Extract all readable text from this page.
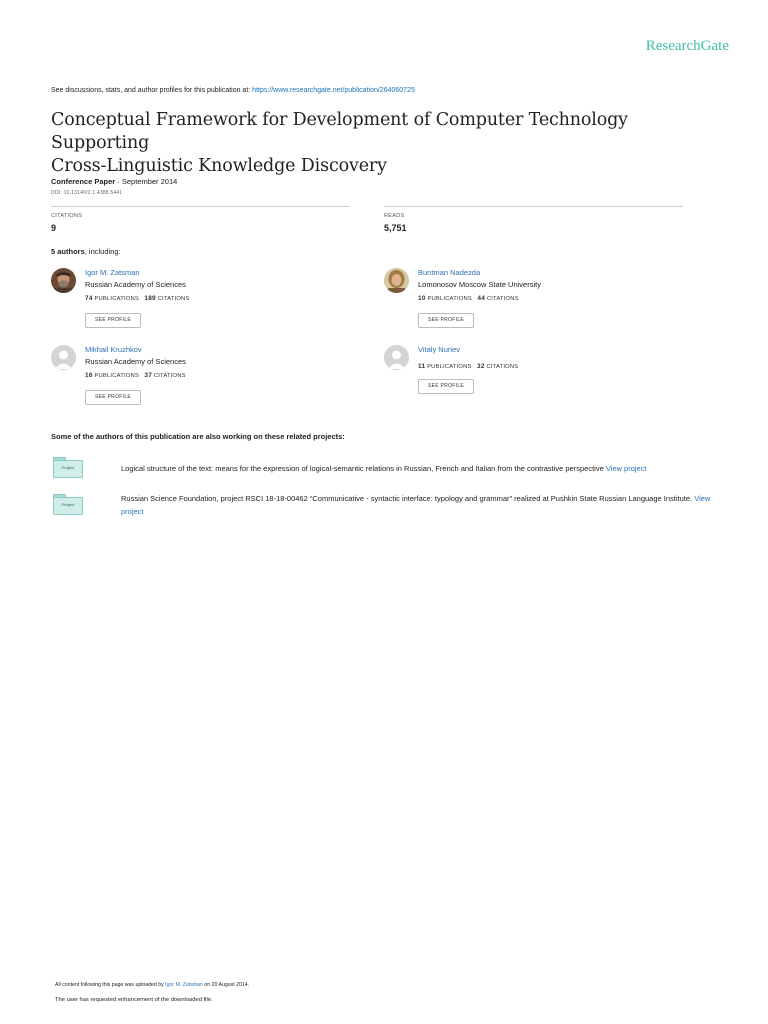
ResearchGate
See discussions, stats, and author profiles for this publication at: https://www.researchgate.net/publication/264060725
Conceptual Framework for Development of Computer Technology Supporting
Cross-Linguistic Knowledge Discovery
Conference Paper · September 2014
DOI: 10.13140/2.1.4388.5441
CITATIONS
9
READS
5,751
5 authors, including:
Igor M. Zatsman
Russian Academy of Sciences
74 PUBLICATIONS 189 CITATIONS
SEE PROFILE
Buntman Nadezda
Lomonosov Moscow State University
10 PUBLICATIONS 44 CITATIONS
SEE PROFILE
Mikhail Kruzhkov
Russian Academy of Sciences
16 PUBLICATIONS 37 CITATIONS
SEE PROFILE
Vitaly Nuriev
11 PUBLICATIONS 32 CITATIONS
SEE PROFILE
Some of the authors of this publication are also working on these related projects:
Project	Logical structure of the text: means for the expression of logical-semantic relations in Russian, French and Italian from the contrastive perspective View project
Project
Russian Science Foundation, project RSCI 18-18-00462 “Communicative - syntactic interface: typology and grammar” realized at Pushkin State Russian Language Institute. View project
All content following this page was uploaded by Igor M. Zatsman on 20 August 2014.
The user has requested enhancement of the downloaded file.
